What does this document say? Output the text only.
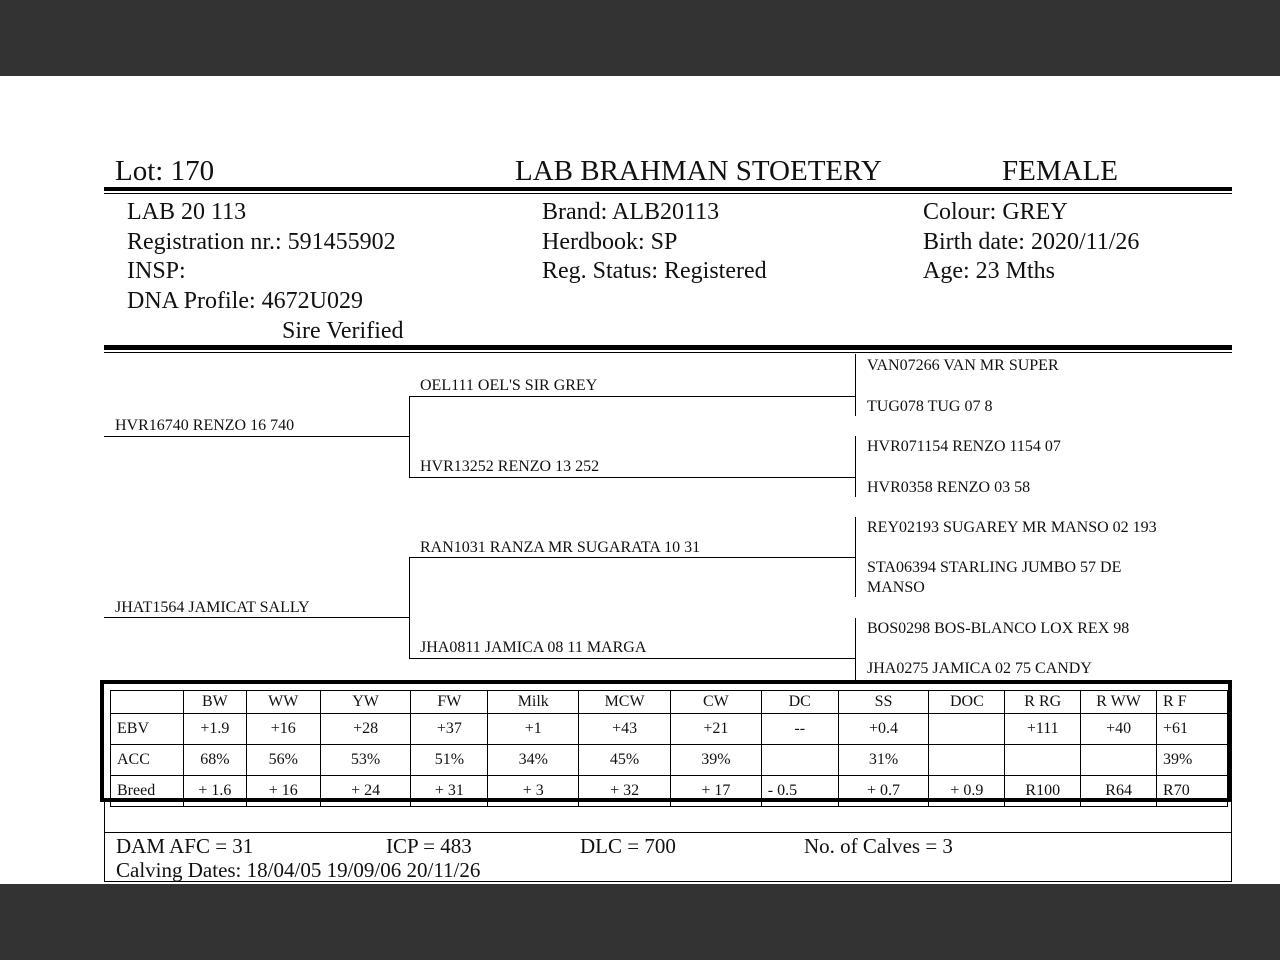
Lot: 170	LAB BRAHMAN STOETERY	FEMALE
LAB 20 113
Registration nr.: 591455902
INSP:
DNA Profile: 4672U029
Sire Verified
Brand: ALB20113
Herdbook: SP
Reg. Status: Registered
Colour: GREY
Birth date: 2020/11/26
Age: 23 Mths
HVR16740 RENZO 16 740
JHAT1564 JAMICAT SALLY
OEL111 OEL'S SIR GREY
HVR13252 RENZO 13 252
RAN1031 RANZA MR SUGARATA 10 31
JHA0811 JAMICA 08 11 MARGA
VAN07266 VAN MR SUPER
TUG078 TUG 07 8
HVR071154 RENZO 1154 07
HVR0358 RENZO 03 58
REY02193 SUGAREY MR MANSO 02 193
STA06394 STARLING JUMBO 57 DE
MANSO
BOS0298 BOS-BLANCO LOX REX 98
JHA0275 JAMICA 02 75 CANDY
	BW	WW	YW	FW	Milk	MCW	CW	DC	SS	DOC	R RG	R WW	R F
EBV	+1.9	+16	+28	+37	+1	+43	+21	--	+0.4		+111	+40	+61
ACC	68%	56%	53%	51%	34%	45%	39%		31%				39%
Breed	+ 1.6	+ 16	+ 24	+ 31	+ 3	+ 32	+ 17	- 0.5	+ 0.7	+ 0.9	R100	R64	R70
DAM AFC = 31	ICP = 483	DLC = 700	No. of Calves = 3
Calving Dates: 18/04/05 19/09/06 20/11/26
